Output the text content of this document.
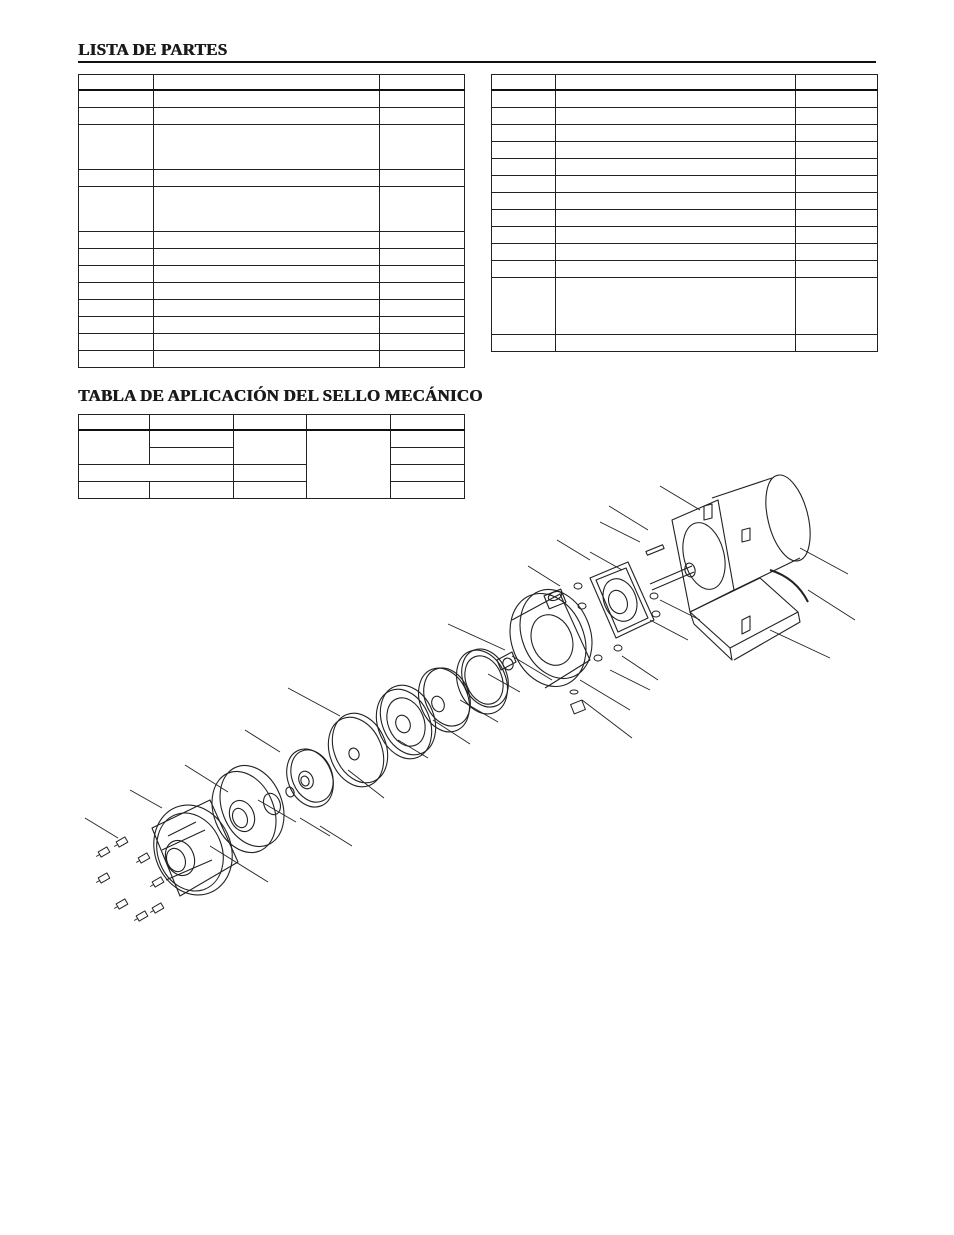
LISTA DE PARTES

TABLA DE APLICACIÓN DEL SELLO MECÁNICO
